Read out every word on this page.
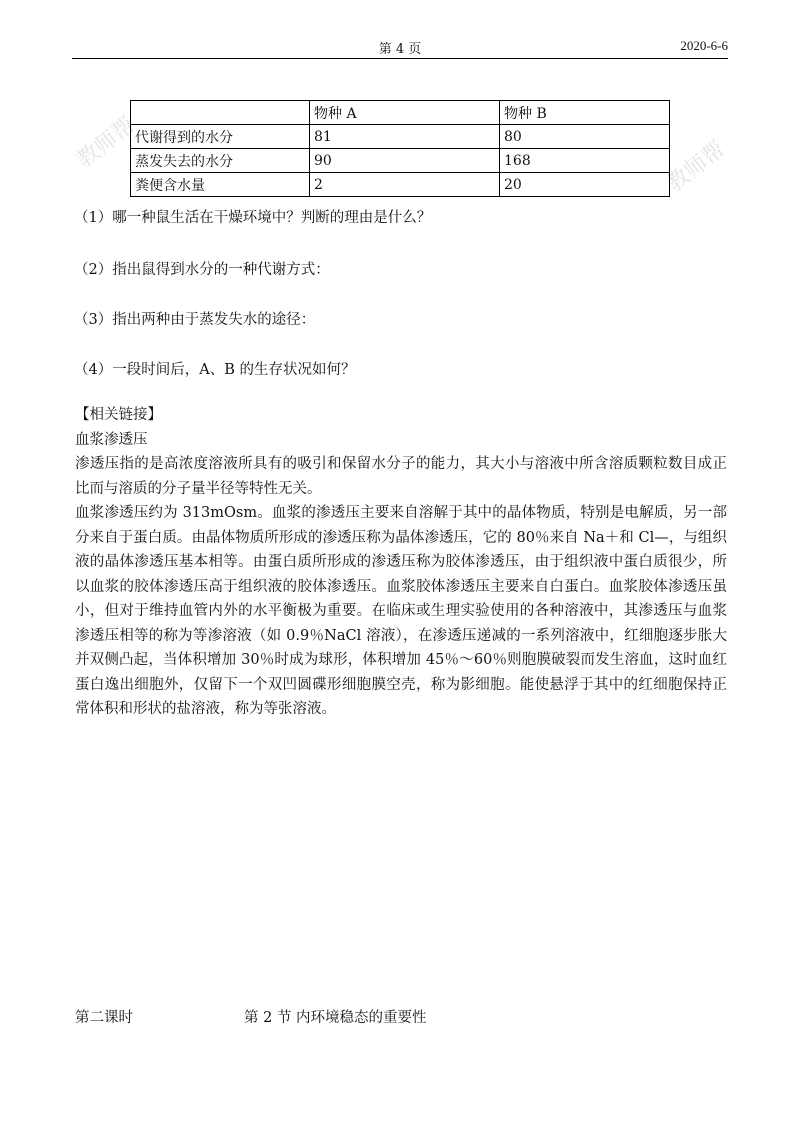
第 4 页	2020-6-6
教师帮	教师帮
	物种 A	物种 B
代谢得到的水分	81	80
蒸发失去的水分	90	168
粪便含水量	2	20
（1）哪一种鼠生活在干燥环境中？判断的理由是什么？
（2）指出鼠得到水分的一种代谢方式：
（3）指出两种由于蒸发失水的途径：
（4）一段时间后，A、B 的生存状况如何？

【相关链接】

血浆渗透压

渗透压指的是高浓度溶液所具有的吸引和保留水分子的能力，其大小与溶液中所含溶质颗粒数目成正比而与溶质的分子量半径等特性无关。

血浆渗透压约为 313mOsm。血浆的渗透压主要来自溶解于其中的晶体物质，特别是电解质，另一部分来自于蛋白质。由晶体物质所形成的渗透压称为晶体渗透压，它的 80％来自 Na＋和 Cl—，与组织液的晶体渗透压基本相等。由蛋白质所形成的渗透压称为胶体渗透压，由于组织液中蛋白质很少，所以血浆的胶体渗透压高于组织液的胶体渗透压。血浆胶体渗透压主要来自白蛋白。血浆胶体渗透压虽小，但对于维持血管内外的水平衡极为重要。在临床或生理实验使用的各种溶液中，其渗透压与血浆渗透压相等的称为等渗溶液（如 0.9％NaCl 溶液），在渗透压递减的一系列溶液中，红细胞逐步胀大并双侧凸起，当体积增加 30％时成为球形，体积增加 45％～60％则胞膜破裂而发生溶血，这时血红蛋白逸出细胞外，仅留下一个双凹圆碟形细胞膜空壳，称为影细胞。能使悬浮于其中的红细胞保持正常体积和形状的盐溶液，称为等张溶液。

第二课时	第 2 节 内环境稳态的重要性
